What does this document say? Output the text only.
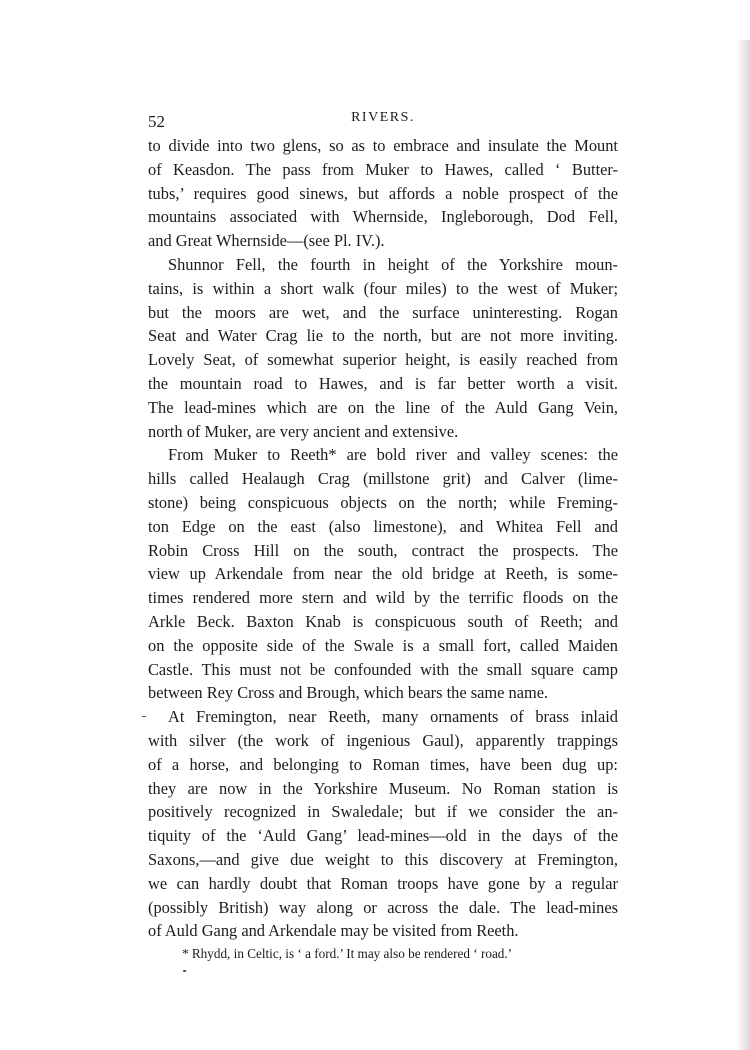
52	RIVERS.
to divide into two glens, so as to embrace and insulate the Mount
of Keasdon. The pass from Muker to Hawes, called ‘ Butter-
tubs,’ requires good sinews, but affords a noble prospect of the
mountains associated with Whernside, Ingleborough, Dod Fell,
and Great Whernside—(see Pl. IV.).
Shunnor Fell, the fourth in height of the Yorkshire moun-
tains, is within a short walk (four miles) to the west of Muker;
but the moors are wet, and the surface uninteresting. Rogan
Seat and Water Crag lie to the north, but are not more inviting.
Lovely Seat, of somewhat superior height, is easily reached from
the mountain road to Hawes, and is far better worth a visit.
The lead-mines which are on the line of the Auld Gang Vein,
north of Muker, are very ancient and extensive.
From Muker to Reeth* are bold river and valley scenes: the
hills called Healaugh Crag (millstone grit) and Calver (lime-
stone) being conspicuous objects on the north; while Freming-
ton Edge on the east (also limestone), and Whitea Fell and
Robin Cross Hill on the south, contract the prospects. The
view up Arkendale from near the old bridge at Reeth, is some-
times rendered more stern and wild by the terrific floods on the
Arkle Beck. Baxton Knab is conspicuous south of Reeth; and
on the opposite side of the Swale is a small fort, called Maiden
Castle. This must not be confounded with the small square camp
between Rey Cross and Brough, which bears the same name.
At Fremington, near Reeth, many ornaments of brass inlaid
with silver (the work of ingenious Gaul), apparently trappings
of a horse, and belonging to Roman times, have been dug up:
they are now in the Yorkshire Museum. No Roman station is
positively recognized in Swaledale; but if we consider the an-
tiquity of the ‘Auld Gang’ lead-mines—old in the days of the
Saxons,—and give due weight to this discovery at Fremington,
we can hardly doubt that Roman troops have gone by a regular
(possibly British) way along or across the dale. The lead-mines
of Auld Gang and Arkendale may be visited from Reeth.
* Rhydd, in Celtic, is ‘ a ford.’ It may also be rendered ‘ road.’
